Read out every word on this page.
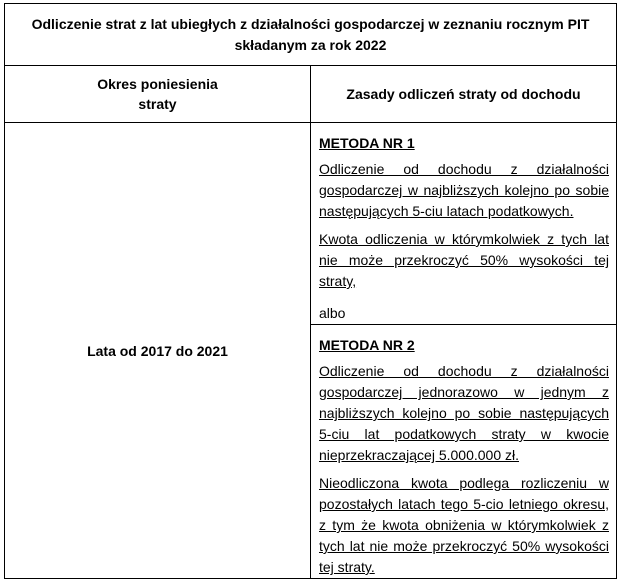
Odliczenie strat z lat ubiegłych z działalności gospodarczej w zeznaniu rocznym PIT
składanym za rok 2022	

Okres poniesienia
straty	Zasady odliczeń straty od dochodu
Lata od 2017 do 2021	METODA NR 1
Odliczenie od dochodu z działalności gospodarczej w najbliższych kolejno po sobie następujących 5-ciu latach podatkowych.
Kwota odliczenia w którymkolwiek z tych lat nie może przekroczyć 50% wysokości tej straty,
albo

	METODA NR 2
Odliczenie od dochodu z działalności gospodarczej jednorazowo w jednym z najbliższych kolejno po sobie następujących 5-ciu lat podatkowych straty w kwocie nieprzekraczającej 5.000.000 zł.
Nieodliczona kwota podlega rozliczeniu w pozostałych latach tego 5-cio letniego okresu, z tym że kwota obniżenia w którymkolwiek z tych lat nie może przekroczyć 50% wysokości tej straty.
